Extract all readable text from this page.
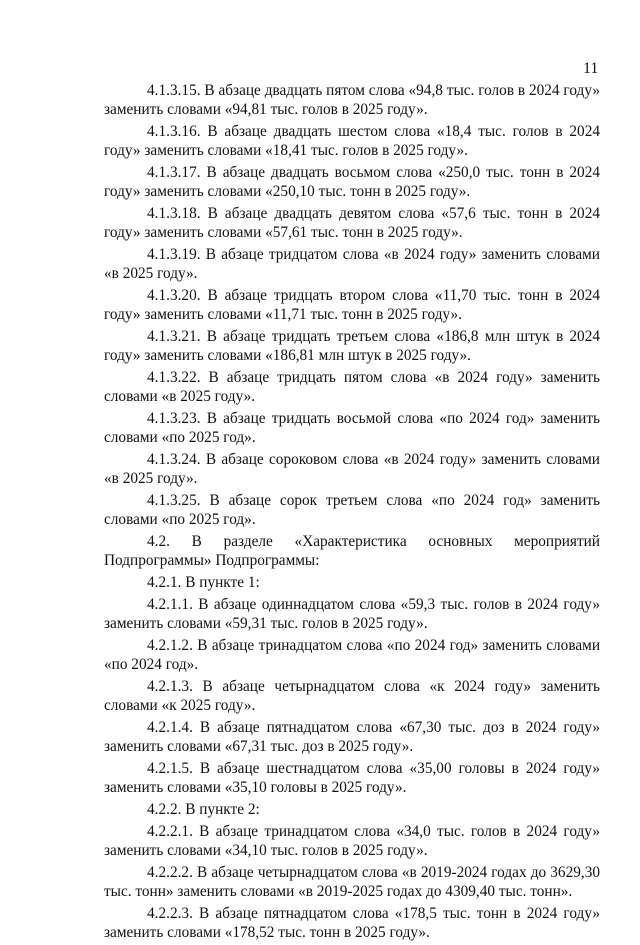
11

4.1.3.15. В абзаце двадцать пятом слова «94,8 тыс. голов в 2024 году» заменить словами «94,81 тыс. голов в 2025 году».

4.1.3.16. В абзаце двадцать шестом слова «18,4 тыс. голов в 2024 году» заменить словами «18,41 тыс. голов в 2025 году».

4.1.3.17. В абзаце двадцать восьмом слова «250,0 тыс. тонн в 2024 году» заменить словами «250,10 тыс. тонн в 2025 году».

4.1.3.18. В абзаце двадцать девятом слова «57,6 тыс. тонн в 2024 году» заменить словами «57,61 тыс. тонн в 2025 году».

4.1.3.19. В абзаце тридцатом слова «в 2024 году» заменить словами «в 2025 году».

4.1.3.20. В абзаце тридцать втором слова «11,70 тыс. тонн в 2024 году» заменить словами «11,71 тыс. тонн в 2025 году».

4.1.3.21. В абзаце тридцать третьем слова «186,8 млн штук в 2024 году» заменить словами «186,81 млн штук в 2025 году».

4.1.3.22. В абзаце тридцать пятом слова «в 2024 году» заменить словами «в 2025 году».

4.1.3.23. В абзаце тридцать восьмой слова «по 2024 год» заменить словами «по 2025 год».

4.1.3.24. В абзаце сороковом слова «в 2024 году» заменить словами «в 2025 году».

4.1.3.25. В абзаце сорок третьем слова «по 2024 год» заменить словами «по 2025 год».

4.2. В разделе «Характеристика основных мероприятий Подпрограммы» Подпрограммы:

4.2.1. В пункте 1:

4.2.1.1. В абзаце одиннадцатом слова «59,3 тыс. голов в 2024 году» заменить словами «59,31 тыс. голов в 2025 году».

4.2.1.2. В абзаце тринадцатом слова «по 2024 год» заменить словами «по 2024 год».

4.2.1.3. В абзаце четырнадцатом слова «к 2024 году» заменить словами «к 2025 году».

4.2.1.4. В абзаце пятнадцатом слова «67,30 тыс. доз в 2024 году» заменить словами «67,31 тыс. доз в 2025 году».

4.2.1.5. В абзаце шестнадцатом слова «35,00 головы в 2024 году» заменить словами «35,10 головы в 2025 году».

4.2.2. В пункте 2:

4.2.2.1. В абзаце тринадцатом слова «34,0 тыс. голов в 2024 году» заменить словами «34,10 тыс. голов в 2025 году».

4.2.2.2. В абзаце четырнадцатом слова «в 2019-2024 годах до 3629,30 тыс. тонн» заменить словами «в 2019-2025 годах до 4309,40 тыс. тонн».

4.2.2.3. В абзаце пятнадцатом слова «178,5 тыс. тонн в 2024 году» заменить словами «178,52 тыс. тонн в 2025 году».
